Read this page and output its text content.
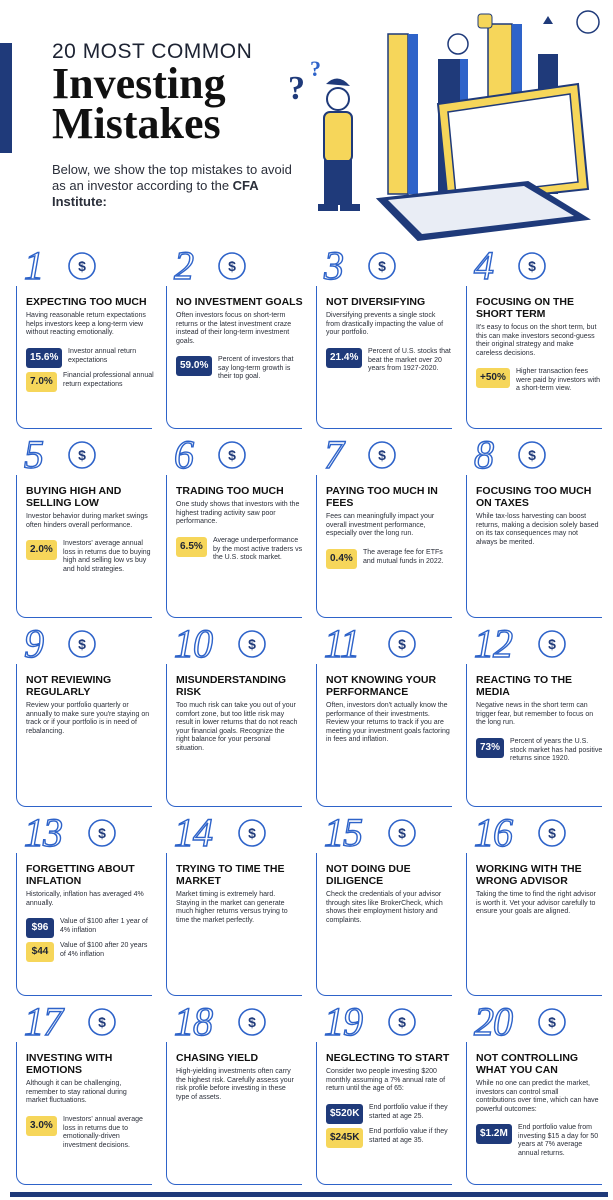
20 MOST COMMON
Investing
Mistakes
Below, we show the top mistakes to avoid as an investor according to the CFA Institute:
?
?
1	$
EXPECTING TOO MUCH
Having reasonable return expectations helps investors keep a long-term view without reacting emotionally.
15.6%
Investor annual return expectations
7.0%
Financial professional annual return expectations
2	$
NO INVESTMENT GOALS
Often investors focus on short-term returns or the latest investment craze instead of their long-term investment goals.
59.0%
Percent of investors that say long-term growth is their top goal.
3	$
NOT DIVERSIFYING
Diversifying prevents a single stock from drastically impacting the value of your portfolio.
21.4%
Percent of U.S. stocks that beat the market over 20 years from 1927-2020.
4	$
FOCUSING ON THE SHORT TERM
It's easy to focus on the short term, but this can make investors second-guess their original strategy and make careless decisions.
+50%
Higher transaction fees were paid by investors with a short-term view.
5	$
BUYING HIGH AND SELLING LOW
Investor behavior during market swings often hinders overall performance.
2.0%
Investors' average annual loss in returns due to buying high and selling low vs buy and hold strategies.
6	$
TRADING TOO MUCH
One study shows that investors with the highest trading activity saw poor performance.
6.5%
Average underperformance by the most active traders vs the U.S. stock market.
7	$
PAYING TOO MUCH IN FEES
Fees can meaningfully impact your overall investment performance, especially over the long run.
0.4%
The average fee for ETFs and mutual funds in 2022.
8	$
FOCUSING TOO MUCH ON TAXES
While tax-loss harvesting can boost returns, making a decision solely based on its tax consequences may not always be merited.
9	$
NOT REVIEWING REGULARLY
Review your portfolio quarterly or annually to make sure you're staying on track or if your portfolio is in need of rebalancing.
10	$
MISUNDERSTANDING RISK
Too much risk can take you out of your comfort zone, but too little risk may result in lower returns that do not reach your financial goals. Recognize the right balance for your personal situation.
11	$
NOT KNOWING YOUR PERFORMANCE
Often, investors don't actually know the performance of their investments. Review your returns to track if you are meeting your investment goals factoring in fees and inflation.
12	$
REACTING TO THE MEDIA
Negative news in the short term can trigger fear, but remember to focus on the long run.
73%
Percent of years the U.S. stock market has had positive returns since 1920.
13	$
FORGETTING ABOUT INFLATION
Historically, inflation has averaged 4% annually.
$96
Value of $100 after 1 year of 4% inflation
$44
Value of $100 after 20 years of 4% inflation
14	$
TRYING TO TIME THE MARKET
Market timing is extremely hard. Staying in the market can generate much higher returns versus trying to time the market perfectly.
15	$
NOT DOING DUE DILIGENCE
Check the credentials of your advisor through sites like BrokerCheck, which shows their employment history and complaints.
16	$
WORKING WITH THE WRONG ADVISOR
Taking the time to find the right advisor is worth it. Vet your advisor carefully to ensure your goals are aligned.
17	$
INVESTING WITH EMOTIONS
Although it can be challenging, remember to stay rational during market fluctuations.
3.0%
Investors' annual average loss in returns due to emotionally-driven investment decisions.
18	$
CHASING YIELD
High-yielding investments often carry the highest risk. Carefully assess your risk profile before investing in these type of assets.
19	$
NEGLECTING TO START
Consider two people investing $200 monthly assuming a 7% annual rate of return until the age of 65:
$520K
End portfolio value if they started at age 25.
$245K
End portfolio value if they started at age 35.
20	$
NOT CONTROLLING WHAT YOU CAN
While no one can predict the market, investors can control small contributions over time, which can have powerful outcomes:
$1.2M
End portfolio value from investing $15 a day for 50 years at 7% average annual returns.
